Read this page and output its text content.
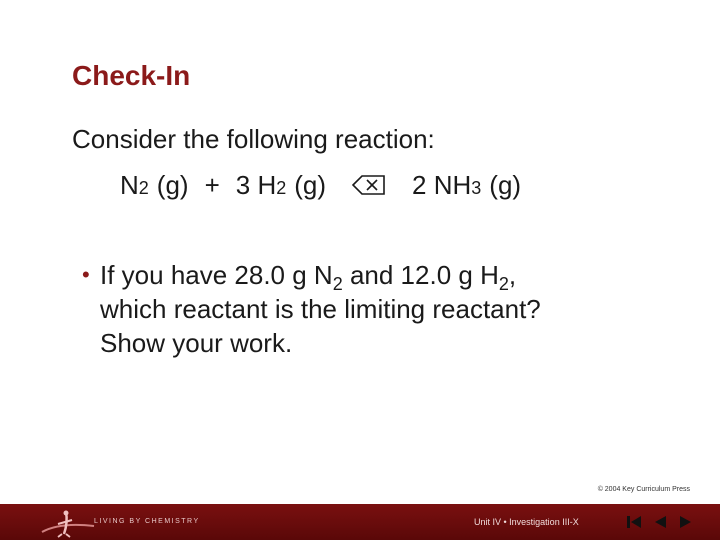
Check-In
Consider the following reaction:
N 2 (g) + 3 H 2 (g) ⇌ 2 NH 3 (g)
• If you have 28.0 g $N_2$ and 12.0 g $H_2$,
which reactant is the limiting reactant?
Show your work.
© 2004 Key Curriculum Press
LIVING BY CHEMISTRY	Unit IV • Investigation III-X
